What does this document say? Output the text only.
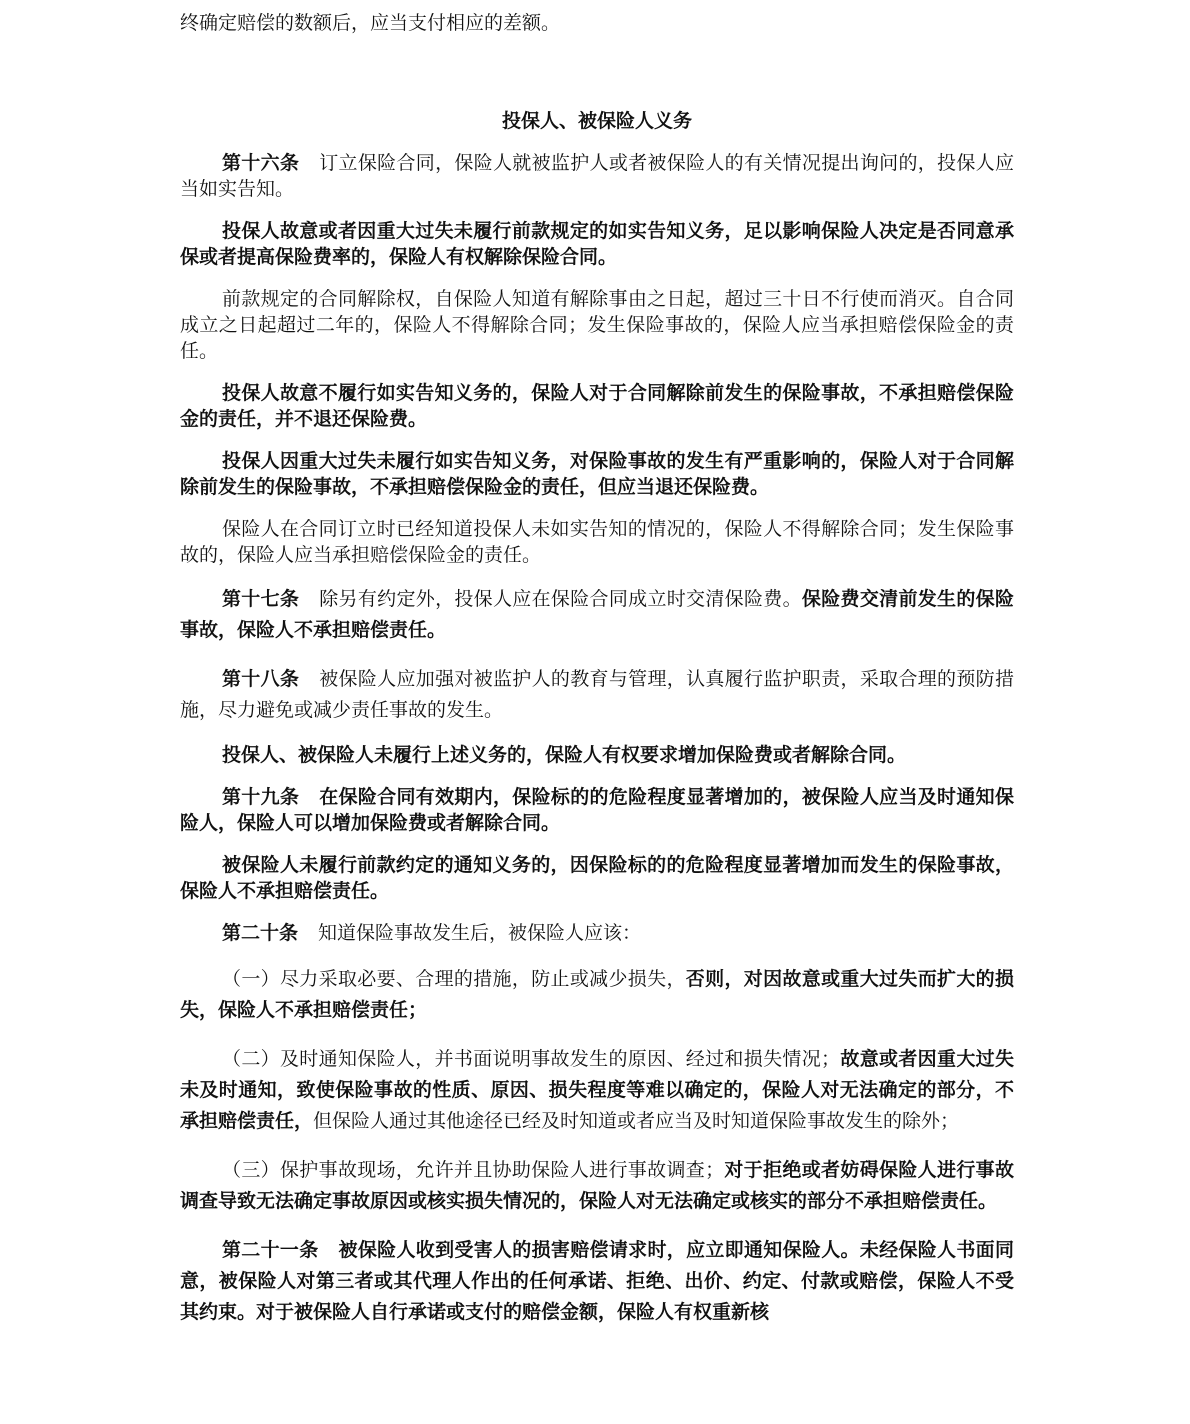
终确定赔偿的数额后，应当支付相应的差额。

投保人、被保险人义务

第十六条 订立保险合同，保险人就被监护人或者被保险人的有关情况提出询问的，投保人应当如实告知。

投保人故意或者因重大过失未履行前款规定的如实告知义务，足以影响保险人决定是否同意承保或者提高保险费率的，保险人有权解除保险合同。

前款规定的合同解除权，自保险人知道有解除事由之日起，超过三十日不行使而消灭。自合同成立之日起超过二年的，保险人不得解除合同；发生保险事故的，保险人应当承担赔偿保险金的责任。

投保人故意不履行如实告知义务的，保险人对于合同解除前发生的保险事故，不承担赔偿保险金的责任，并不退还保险费。

投保人因重大过失未履行如实告知义务，对保险事故的发生有严重影响的，保险人对于合同解除前发生的保险事故，不承担赔偿保险金的责任，但应当退还保险费。

保险人在合同订立时已经知道投保人未如实告知的情况的，保险人不得解除合同；发生保险事故的，保险人应当承担赔偿保险金的责任。

第十七条 除另有约定外，投保人应在保险合同成立时交清保险费。保险费交清前发生的保险事故，保险人不承担赔偿责任。

第十八条 被保险人应加强对被监护人的教育与管理，认真履行监护职责，采取合理的预防措施，尽力避免或减少责任事故的发生。

投保人、被保险人未履行上述义务的，保险人有权要求增加保险费或者解除合同。

第十九条 在保险合同有效期内，保险标的的危险程度显著增加的，被保险人应当及时通知保险人，保险人可以增加保险费或者解除合同。

被保险人未履行前款约定的通知义务的，因保险标的的危险程度显著增加而发生的保险事故，保险人不承担赔偿责任。

第二十条 知道保险事故发生后，被保险人应该：

（一）尽力采取必要、合理的措施，防止或减少损失，否则，对因故意或重大过失而扩大的损失，保险人不承担赔偿责任；

（二）及时通知保险人，并书面说明事故发生的原因、经过和损失情况；故意或者因重大过失未及时通知，致使保险事故的性质、原因、损失程度等难以确定的，保险人对无法确定的部分，不承担赔偿责任，但保险人通过其他途径已经及时知道或者应当及时知道保险事故发生的除外；

（三）保护事故现场，允许并且协助保险人进行事故调查；对于拒绝或者妨碍保险人进行事故调查导致无法确定事故原因或核实损失情况的，保险人对无法确定或核实的部分不承担赔偿责任。

第二十一条 被保险人收到受害人的损害赔偿请求时，应立即通知保险人。未经保险人书面同意，被保险人对第三者或其代理人作出的任何承诺、拒绝、出价、约定、付款或赔偿，保险人不受其约束。对于被保险人自行承诺或支付的赔偿金额，保险人有权重新核
